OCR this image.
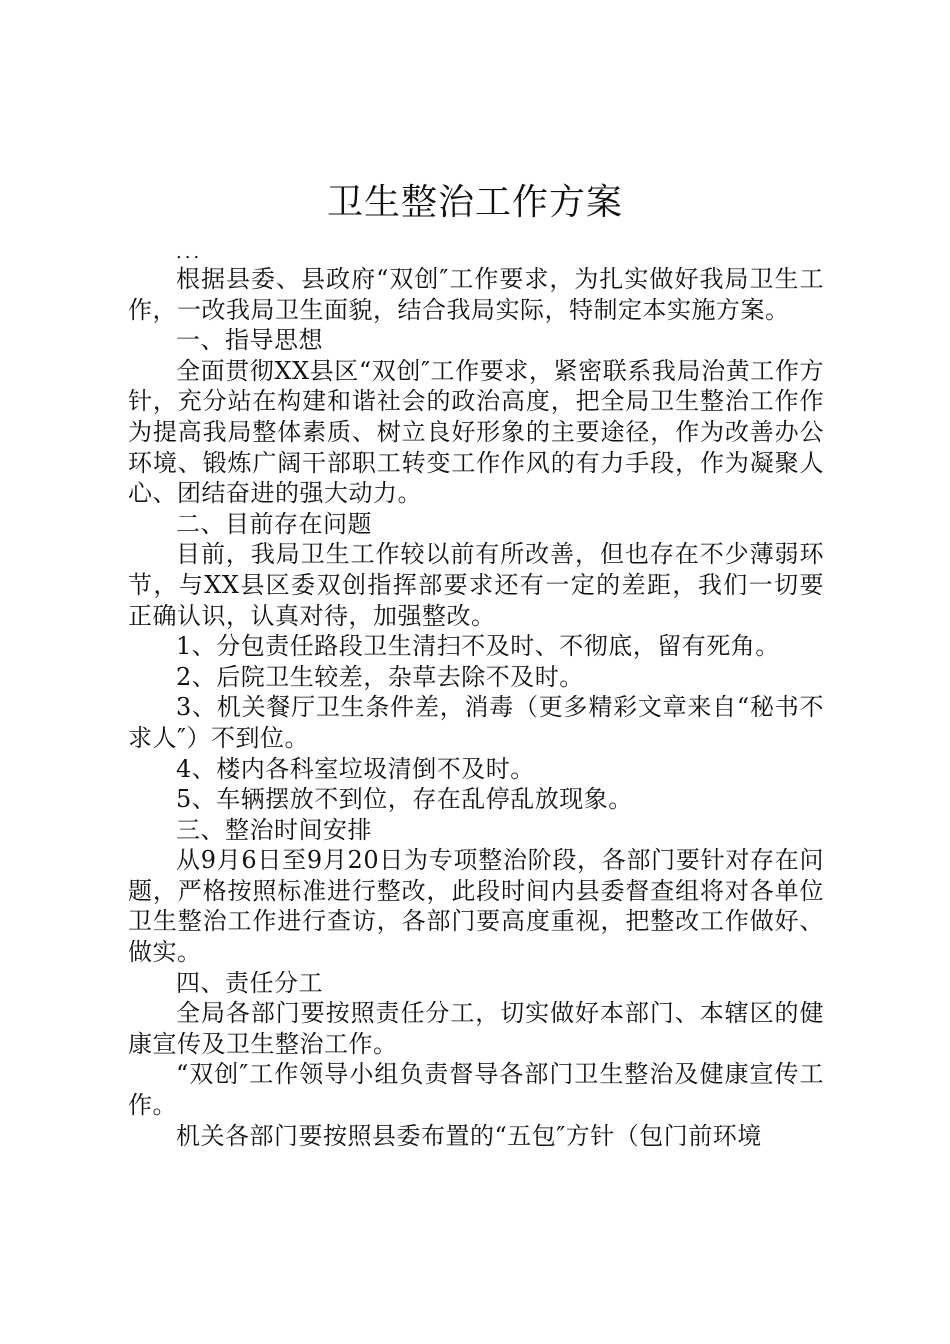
卫生整治工作方案

...

根据县委、县政府“双创″工作要求，为扎实做好我局卫生工作，一改我局卫生面貌，结合我局实际，特制定本实施方案。

一、指导思想

全面贯彻XX县区“双创″工作要求，紧密联系我局治黄工作方针，充分站在构建和谐社会的政治高度，把全局卫生整治工作作为提高我局整体素质、树立良好形象的主要途径，作为改善办公环境、锻炼广阔干部职工转变工作作风的有力手段，作为凝聚人心、团结奋进的强大动力。

二、目前存在问题

目前，我局卫生工作较以前有所改善，但也存在不少薄弱环节，与XX县区委双创指挥部要求还有一定的差距，我们一切要正确认识，认真对待，加强整改。

1、分包责任路段卫生清扫不及时、不彻底，留有死角。

2、后院卫生较差，杂草去除不及时。

3、机关餐厅卫生条件差，消毒（更多精彩文章来自“秘书不求人″）不到位。

4、楼内各科室垃圾清倒不及时。

5、车辆摆放不到位，存在乱停乱放现象。

三、整治时间安排

从9月6日至9月20日为专项整治阶段，各部门要针对存在问题，严格按照标准进行整改，此段时间内县委督查组将对各单位卫生整治工作进行查访，各部门要高度重视，把整改工作做好、做实。

四、责任分工

全局各部门要按照责任分工，切实做好本部门、本辖区的健康宣传及卫生整治工作。

“双创″工作领导小组负责督导各部门卫生整治及健康宣传工作。

机关各部门要按照县委布置的“五包″方针（包门前环境
